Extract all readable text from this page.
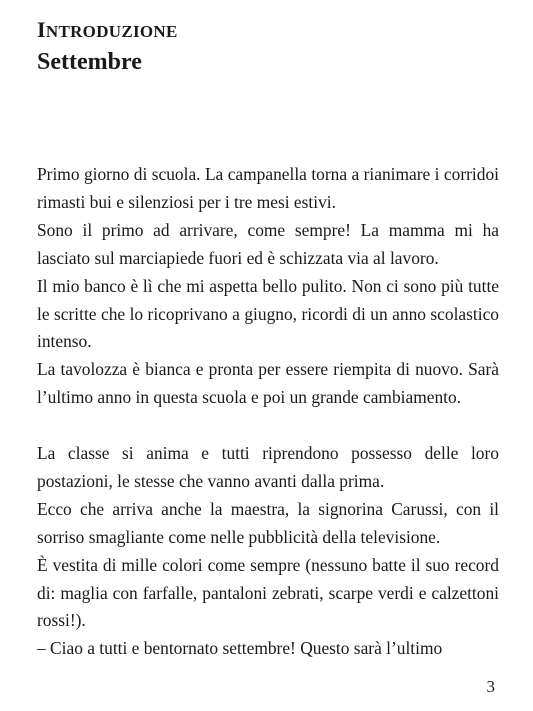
INTRODUZIONE
Settembre

Primo giorno di scuola. La campanella torna a rianimare i corridoi rimasti bui e silenziosi per i tre mesi estivi.

Sono il primo ad arrivare, come sempre! La mamma mi ha lasciato sul marciapiede fuori ed è schizzata via al lavoro.

Il mio banco è lì che mi aspetta bello pulito. Non ci sono più tutte le scritte che lo ricoprivano a giugno, ricordi di un anno scolastico intenso.

La tavolozza è bianca e pronta per essere riempita di nuovo. Sarà l’ultimo anno in questa scuola e poi un grande cambiamento.

La classe si anima e tutti riprendono possesso delle loro postazioni, le stesse che vanno avanti dalla prima.

Ecco che arriva anche la maestra, la signorina Carussi, con il sorriso smagliante come nelle pubblicità della televisione.

È vestita di mille colori come sempre (nessuno batte il suo record di: maglia con farfalle, pantaloni zebrati, scarpe verdi e calzettoni rossi!).

– Ciao a tutti e bentornato settembre! Questo sarà l’ultimo

3
